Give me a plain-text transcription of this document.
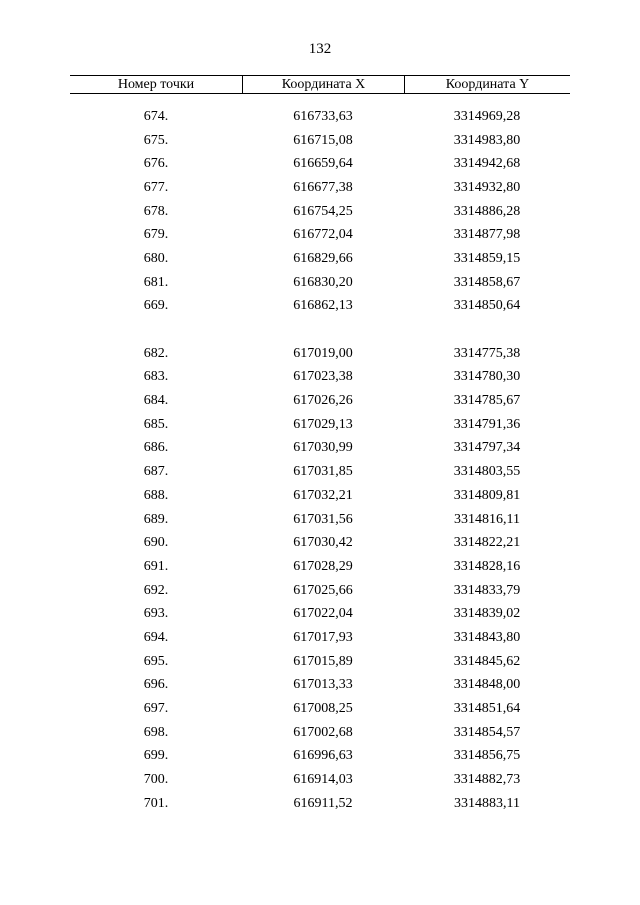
132
Номер точки	Координата X	Координата Y
674.	616733,63	3314969,28
675.	616715,08	3314983,80
676.	616659,64	3314942,68
677.	616677,38	3314932,80
678.	616754,25	3314886,28
679.	616772,04	3314877,98
680.	616829,66	3314859,15
681.	616830,20	3314858,67
669.	616862,13	3314850,64
682.	617019,00	3314775,38
683.	617023,38	3314780,30
684.	617026,26	3314785,67
685.	617029,13	3314791,36
686.	617030,99	3314797,34
687.	617031,85	3314803,55
688.	617032,21	3314809,81
689.	617031,56	3314816,11
690.	617030,42	3314822,21
691.	617028,29	3314828,16
692.	617025,66	3314833,79
693.	617022,04	3314839,02
694.	617017,93	3314843,80
695.	617015,89	3314845,62
696.	617013,33	3314848,00
697.	617008,25	3314851,64
698.	617002,68	3314854,57
699.	616996,63	3314856,75
700.	616914,03	3314882,73
701.	616911,52	3314883,11
